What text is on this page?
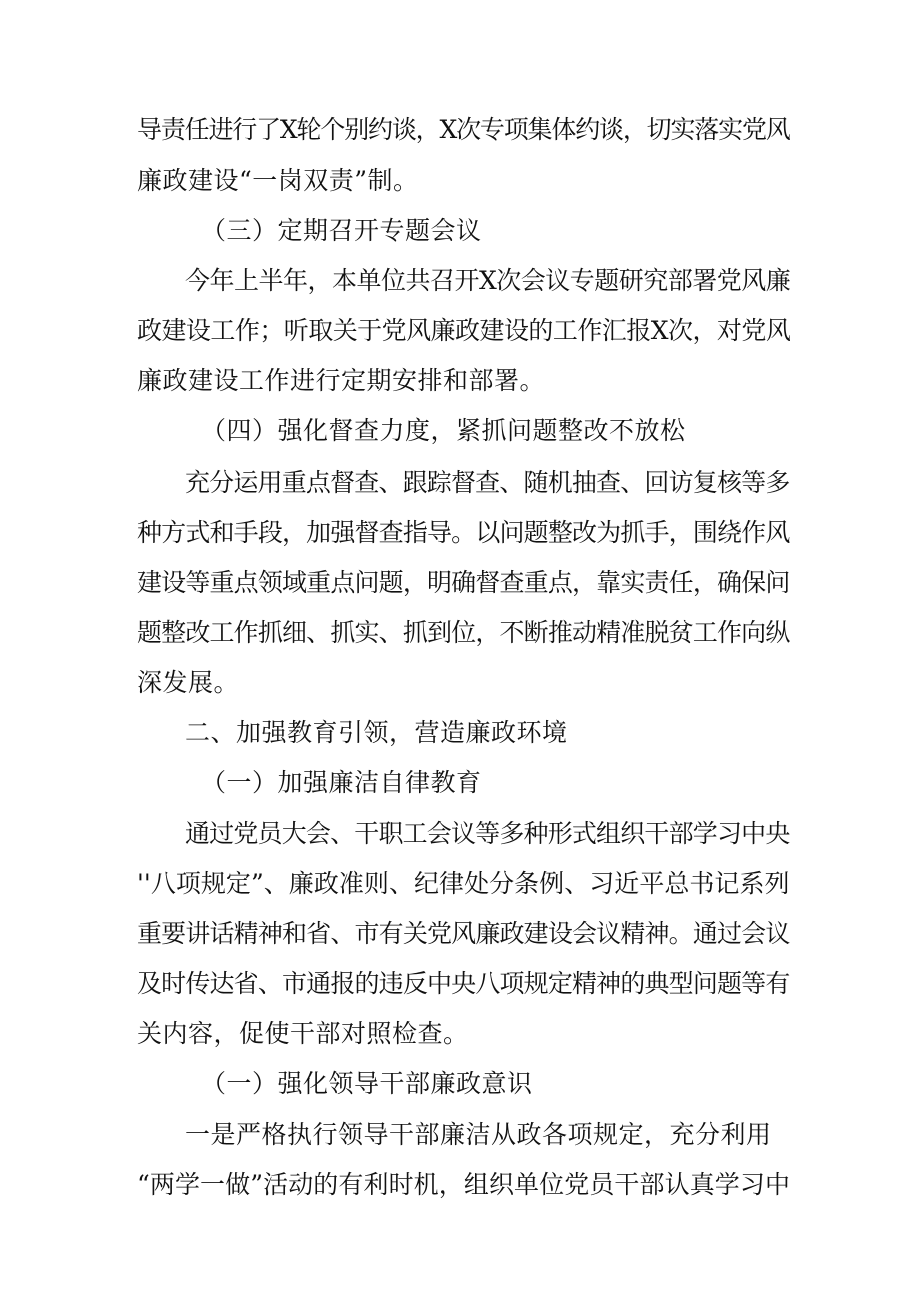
导责任进行了X轮个别约谈，X次专项集体约谈，切实落实党风
廉政建设“一岗双责”制。
（三）定期召开专题会议
今年上半年，本单位共召开X次会议专题研究部署党风廉
政建设工作；听取关于党风廉政建设的工作汇报X次，对党风
廉政建设工作进行定期安排和部署。
（四）强化督查力度，紧抓问题整改不放松
充分运用重点督查、跟踪督查、随机抽查、回访复核等多
种方式和手段，加强督查指导。以问题整改为抓手，围绕作风
建设等重点领域重点问题，明确督查重点，靠实责任，确保问
题整改工作抓细、抓实、抓到位，不断推动精准脱贫工作向纵
深发展。
二、加强教育引领，营造廉政环境
（一）加强廉洁自律教育
通过党员大会、干职工会议等多种形式组织干部学习中央
''八项规定”、廉政准则、纪律处分条例、习近平总书记系列
重要讲话精神和省、市有关党风廉政建设会议精神。通过会议
及时传达省、市通报的违反中央八项规定精神的典型问题等有
关内容，促使干部对照检查。
（一）强化领导干部廉政意识
一是严格执行领导干部廉洁从政各项规定，充分利用
“两学一做”活动的有利时机，组织单位党员干部认真学习中
